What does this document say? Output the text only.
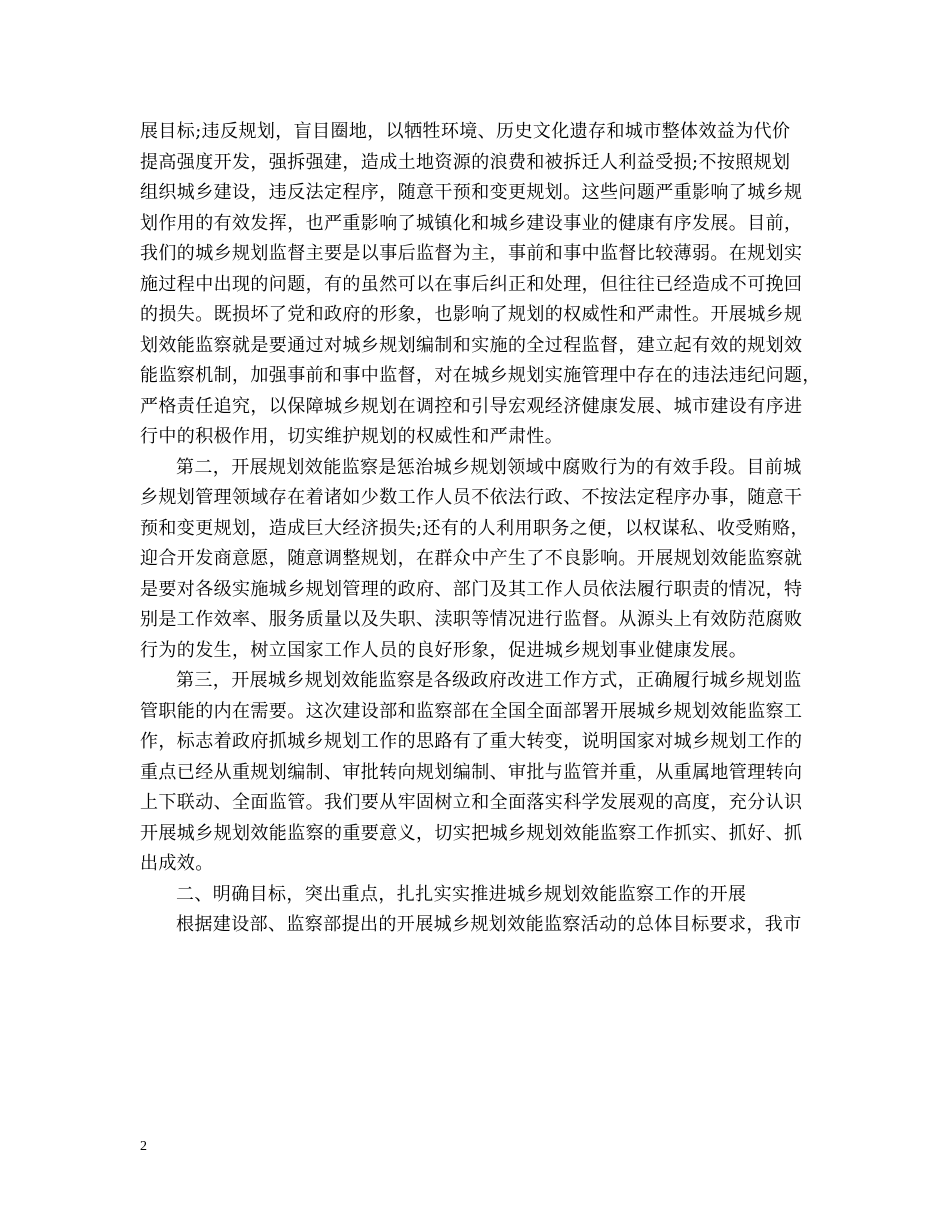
展目标;违反规划，盲目圈地，以牺牲环境、历史文化遗存和城市整体效益为代价
提高强度开发，强拆强建，造成土地资源的浪费和被拆迁人利益受损;不按照规划
组织城乡建设，违反法定程序，随意干预和变更规划。这些问题严重影响了城乡规
划作用的有效发挥，也严重影响了城镇化和城乡建设事业的健康有序发展。目前，
我们的城乡规划监督主要是以事后监督为主，事前和事中监督比较薄弱。在规划实
施过程中出现的问题，有的虽然可以在事后纠正和处理，但往往已经造成不可挽回
的损失。既损坏了党和政府的形象，也影响了规划的权威性和严肃性。开展城乡规
划效能监察就是要通过对城乡规划编制和实施的全过程监督，建立起有效的规划效
能监察机制，加强事前和事中监督，对在城乡规划实施管理中存在的违法违纪问题，
严格责任追究，以保障城乡规划在调控和引导宏观经济健康发展、城市建设有序进
行中的积极作用，切实维护规划的权威性和严肃性。
第二，开展规划效能监察是惩治城乡规划领域中腐败行为的有效手段。目前城
乡规划管理领域存在着诸如少数工作人员不依法行政、不按法定程序办事，随意干
预和变更规划，造成巨大经济损失;还有的人利用职务之便，以权谋私、收受贿赂，
迎合开发商意愿，随意调整规划，在群众中产生了不良影响。开展规划效能监察就
是要对各级实施城乡规划管理的政府、部门及其工作人员依法履行职责的情况，特
别是工作效率、服务质量以及失职、渎职等情况进行监督。从源头上有效防范腐败
行为的发生，树立国家工作人员的良好形象，促进城乡规划事业健康发展。
第三，开展城乡规划效能监察是各级政府改进工作方式，正确履行城乡规划监
管职能的内在需要。这次建设部和监察部在全国全面部署开展城乡规划效能监察工
作，标志着政府抓城乡规划工作的思路有了重大转变，说明国家对城乡规划工作的
重点已经从重规划编制、审批转向规划编制、审批与监管并重，从重属地管理转向
上下联动、全面监管。我们要从牢固树立和全面落实科学发展观的高度，充分认识
开展城乡规划效能监察的重要意义，切实把城乡规划效能监察工作抓实、抓好、抓
出成效。
二、明确目标，突出重点，扎扎实实推进城乡规划效能监察工作的开展
根据建设部、监察部提出的开展城乡规划效能监察活动的总体目标要求，我市
2
